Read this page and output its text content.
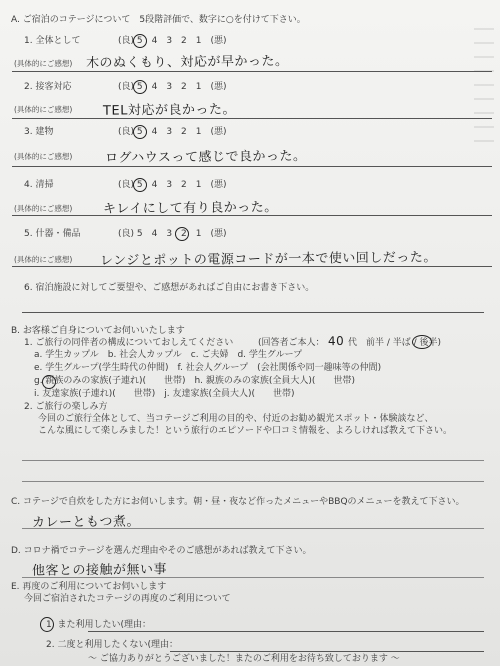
A. ご宿泊のコテージについて　5段階評価で、数字に○を付けて下さい。
1. 全体として	(良) 5　4　3　2　1　(悪)
(具体的にご感想) 木のぬくもり、対応が早かった。
2. 接客対応	(良) 5　4　3　2　1　(悪)
(具体的にご感想) TEL対応が良かった。
3. 建物	(良) 5　4　3　2　1　(悪)
(具体的にご感想)	ログハウスって感じで良かった。
4. 清掃	(良) 5　4　3　2　1　(悪)
(具体的にご感想) キレイにして有り良かった。
5. 什器・備品	(良) 5　4　3　2　1　(悪)
(具体的にご感想) レンジとポットの電源コードが一本で使い回しだった。
6. 宿泊施設に対してご要望や、ご感想があればご自由にお書き下さい。
B. お客様ご自身についてお伺いいたします
1. ご旅行の同伴者の構成についておしえてください	(回答者ご本人： 40 代　前半 / 半ば / 後半)
a. 学生カップル　b. 社会人カップル　c. ご夫婦　d. 学生グループ
e. 学生グループ(学生時代の仲間)　f. 社会人グループ　(会社関係や同一趣味等の仲間)
g. 親族のみの家族(子連れ)(　　世帯)　h. 親族のみの家族(全員大人)(　　世帯)
i. 友達家族(子連れ)(　　世帯)　j. 友達家族(全員大人)(　　世帯)
2. ご旅行の楽しみ方
今回のご旅行全体として、当コテージご利用の目的や、付近のお勧め観光スポット・体験談など、
こんな風にして楽しみました！という旅行のエピソードや口コミ情報を、よろしければ教えて下さい。
C. コテージで自炊をした方にお伺いします。朝・昼・夜など作ったメニューやBBQのメニューを教えて下さい。
カレーともつ煮。
D. コロナ禍でコテージを選んだ理由やそのご感想があれば教えて下さい。
他客との接触が無い事
E. 再度のご利用についてお伺いします
今回ご宿泊されたコテージの再度のご利用について
1. また利用したい(理由：
2. 二度と利用したくない(理由：
〜 ご協力ありがとうございました！またのご利用をお待ち致しております 〜
